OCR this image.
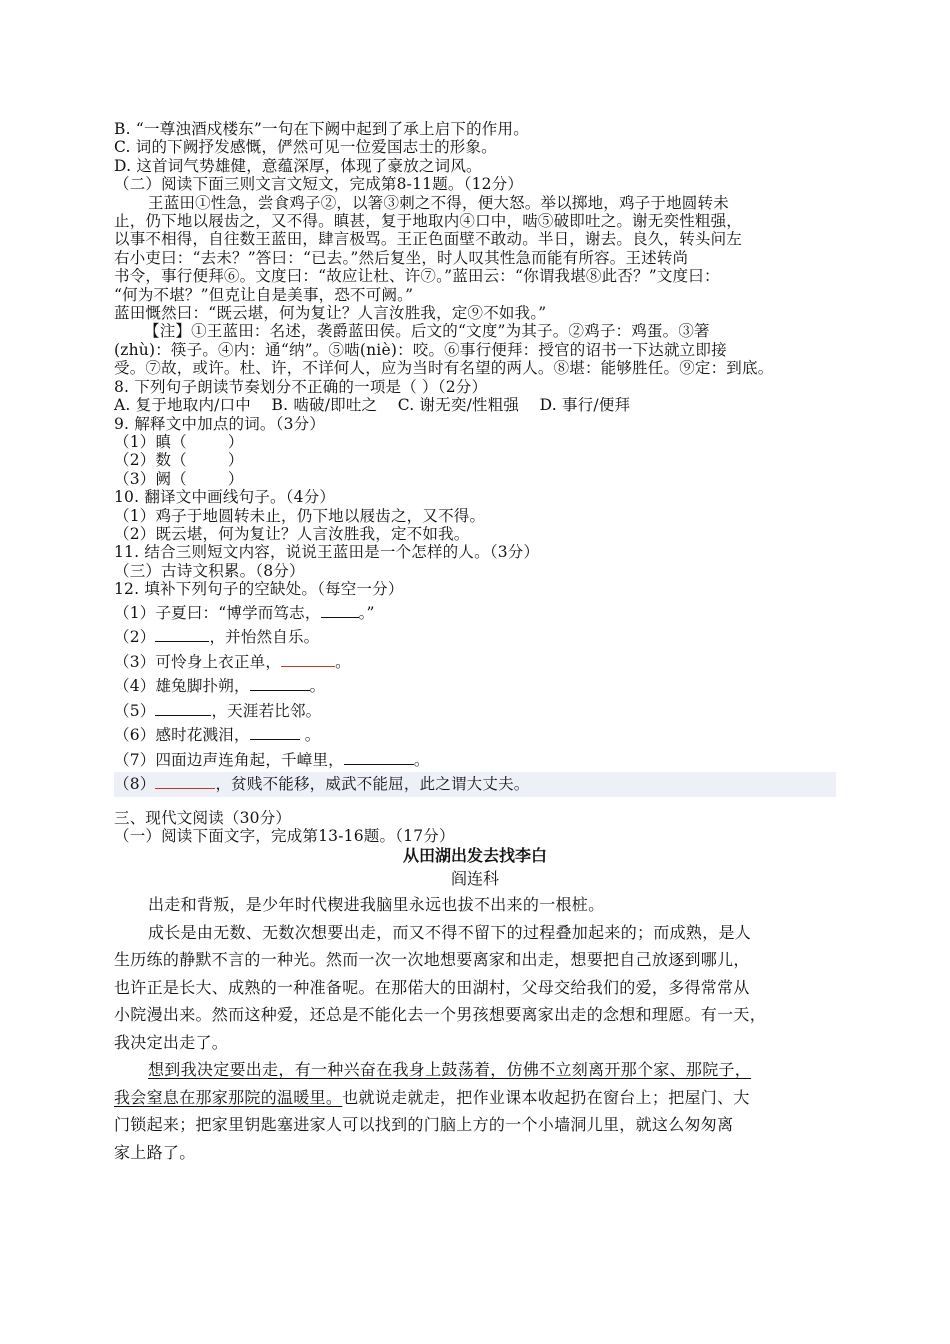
B. “一尊浊酒戍楼东”一句在下阙中起到了承上启下的作用。
C. 词的下阙抒发感慨，俨然可见一位爱国志士的形象。
D. 这首词气势雄健，意蕴深厚，体现了豪放之词风。
（二）阅读下面三则文言文短文，完成第8-11题。（12分）
王蓝田①性急，尝食鸡子②，以箸③刺之不得，便大怒。举以掷地，鸡子于地圆转未
止，仍下地以屐齿之，又不得。瞋甚，复于地取内④口中，啮⑤破即吐之。谢无奕性粗强，
以事不相得，自往数王蓝田，肆言极骂。王正色面壁不敢动。半日，谢去。良久，转头问左
右小吏曰：“去未？”答曰：“已去。”然后复坐，时人叹其性急而能有所容。王述转尚
书令，事行便拜⑥。文度曰：“故应让杜、许⑦。”蓝田云：“你谓我堪⑧此否？”文度曰：
“何为不堪？”但克让自是美事，恐不可阙。”
蓝田慨然曰：“既云堪，何为复让？人言汝胜我，定⑨不如我。”
【注】①王蓝田：名述，袭爵蓝田侯。后文的“文度”为其子。②鸡子：鸡蛋。③箸
(zhù)：筷子。④内：通“纳”。⑤啮(niè)：咬。⑥事行便拜：授官的诏书一下达就立即接
受。⑦故，或许。杜、许，不详何人，应为当时有名望的两人。⑧堪：能够胜任。⑨定：到底。
8. 下列句子朗读节奏划分不正确的一项是（ ）（2分）
A. 复于地取内/口中    B. 啮破/即吐之    C. 谢无奕/性粗强    D. 事行/便拜
9. 解释文中加点的词。（3分）
（1）瞋（        ）
（2）数（        ）
（3）阙（        ）
10. 翻译文中画线句子。（4分）
（1）鸡子于地圆转未止，仍下地以屐齿之，又不得。
（2）既云堪，何为复让？人言汝胜我，定不如我。
11. 结合三则短文内容，说说王蓝田是一个怎样的人。（3分）
（三）古诗文积累。（8分）
12. 填补下列句子的空缺处。（每空一分）
（1）子夏曰：“博学而笃志， 。”
（2）	，并怡然自乐。
（3）可怜身上衣正单，	。
（4）雄兔脚扑朔，	。
（5）	，天涯若比邻。
（6）感时花溅泪，	。
（7）四面边声连角起，千嶂里，	。
（8）	，贫贱不能移，威武不能屈，此之谓大丈夫。
三、现代文阅读（30分）
（一）阅读下面文字，完成第13-16题。（17分）
从田湖出发去找李白
阎连科
出走和背叛，是少年时代楔进我脑里永远也拔不出来的一根桩。
成长是由无数、无数次想要出走，而又不得不留下的过程叠加起来的；而成熟，是人
生历练的静默不言的一种光。然而一次一次地想要离家和出走，想要把自己放逐到哪儿，
也许正是长大、成熟的一种准备呢。在那偌大的田湖村，父母交给我们的爱，多得常常从
小院漫出来。然而这种爱，还总是不能化去一个男孩想要离家出走的念想和理愿。有一天，
我决定出走了。
想到我决定要出走，有一种兴奋在我身上鼓荡着，仿佛不立刻离开那个家、那院子，
我会窒息在那家那院的温暖里。也就说走就走，把作业课本收起扔在窗台上；把屋门、大
门锁起来；把家里钥匙塞进家人可以找到的门脑上方的一个小墙洞儿里，就这么匆匆离
家上路了。
